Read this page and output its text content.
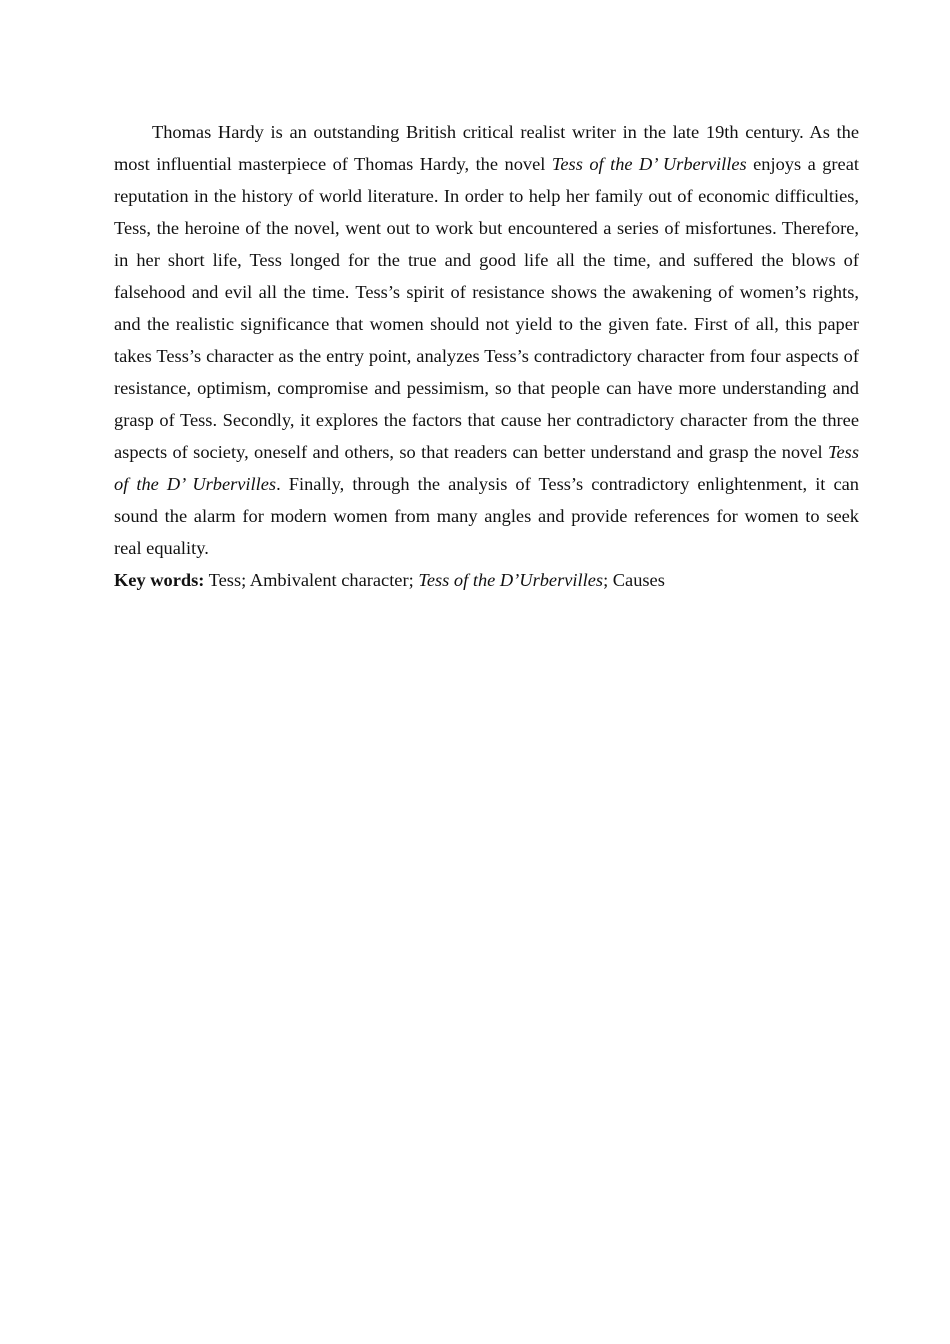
Thomas Hardy is an outstanding British critical realist writer in the late 19th century. As the most influential masterpiece of Thomas Hardy, the novel Tess of the D’ Urbervilles enjoys a great reputation in the history of world literature. In order to help her family out of economic difficulties, Tess, the heroine of the novel, went out to work but encountered a series of misfortunes. Therefore, in her short life, Tess longed for the true and good life all the time, and suffered the blows of falsehood and evil all the time. Tess’s spirit of resistance shows the awakening of women’s rights, and the realistic significance that women should not yield to the given fate. First of all, this paper takes Tess’s character as the entry point, analyzes Tess’s contradictory character from four aspects of resistance, optimism, compromise and pessimism, so that people can have more understanding and grasp of Tess. Secondly, it explores the factors that cause her contradictory character from the three aspects of society, oneself and others, so that readers can better understand and grasp the novel Tess of the D’ Urbervilles. Finally, through the analysis of Tess’s contradictory enlightenment, it can sound the alarm for modern women from many angles and provide references for women to seek real equality.

Key words: Tess; Ambivalent character; Tess of the D’Urbervilles; Causes
